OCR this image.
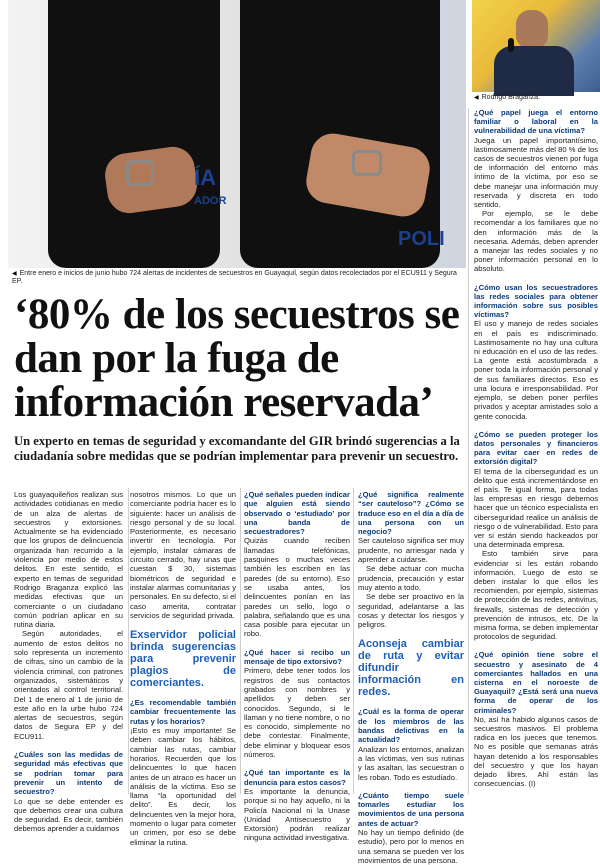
ÍA
ADOR
POLI
◀ Entre enero e inicios de junio hubo 724 alertas de incidentes de secuestros en Guayaquil, según datos recolectados por el ECU911 y Segura EP.
◀ Rodrigo Braganza.

¿Qué papel juega el entorno familiar o laboral en la vulnerabilidad de una víctima?

Juega un papel importantísimo, lastimosamente más del 80 % de los casos de secuestros vienen por fuga de información del entorno más íntimo de la víctima, por eso se debe manejar una información muy reservada y discreta en todo sentido.

Por ejemplo, se le debe recomendar a los familiares que no den información más de la necesaria. Además, deben aprender a manejar las redes sociales y no poner información personal en lo absoluto.

¿Cómo usan los secuestradores las redes sociales para obtener información sobre sus posibles víctimas?

El uso y manejo de redes sociales en el país es indiscriminado. Lastimosamente no hay una cultura ni educación en el uso de las redes. La gente está acostumbrada a poner toda la información personal y de sus familiares directos. Eso es una locura e irresponsabilidad. Por ejemplo, se deben poner perfiles privados y aceptar amistades solo a gente conocida.

¿Cómo se pueden proteger los datos personales y financieros para evitar caer en redes de extorsión digital?

El tema de la ciberseguridad es un delito que está incrementándose en el país. Te igual forma, para todas las empresas en riesgo debemos hacer que un técnico especialista en ciberseguridad realice un análisis de riesgo o de vulnerabilidad. Esto para ver si están siendo hackeados por una determinada empresa.

Esto también sirve para evidenciar si les están robando información. Luego de esto se deben instalar lo que ellos les recomienden, por ejemplo, sistemas de protección de las redes, antivirus, firewalls, sistemas de detección y prevención de intrusos, etc. De la misma forma, se deben implementar protocolos de seguridad.

¿Qué opinión tiene sobre el secuestro y asesinato de 4 comerciantes hallados en una cisterna en el noroeste de Guayaquil? ¿Está será una nueva forma de operar de los criminales?

No, así ha habido algunos casos de secuestros masivos. El problema radica en los jueces que tenemos. No es posible que semanas atrás hayan detenido a los responsables del secuestro y que los hayan dejado libres. Ahí están las consecuencias. (I)

‘80% de los secuestros se dan por la fuga de información reservada’
Un experto en temas de seguridad y excomandante del GIR brindó sugerencias a la ciudadanía sobre medidas que se podrían implementar para prevenir un secuestro.

Los guayaquileños realizan sus actividades cotidianas en medio de un alza de alertas de secuestros y extorsiones. Actualmente se ha evidenciado que los grupos de delincuencia organizada han recurrido a la violencia por medio de estos delitos. En este sentido, el experto en temas de seguridad Rodrigo Braganza explicó las medidas efectivas que un comerciante o un ciudadano común podrían aplicar en su rutina diaria.

Según autoridades, el aumento de estos delitos no solo representa un incremento de cifras, sino un cambio de la violencia criminal, con patrones organizados, sistemáticos y orientados al control territorial. Del 1 de enero al 1 de junio de este año en la urbe hubo 724 alertas de secuestros, según datos de Segura EP y del ECU911.

¿Cuáles son las medidas de seguridad más efectivas que se podrían tomar para prevenir un intento de secuestro?

Lo que se debe entender es que debemos crear una cultura de seguridad. Es decir, también debemos aprender a cuidarnos

nosotros mismos. Lo que un comerciante podría hacer es lo siguiente: hacer un análisis de riesgo personal y de su local. Posteriormente, es necesario invertir en tecnología. Por ejemplo, instalar cámaras de circuito cerrado, hay unas que cuestan $ 30, sistemas biométricos de seguridad e instalar alarmas comunitarias y personales. En su defecto, si el caso amerita, contratar servicios de seguridad privada.

Exservidor policial brinda sugerencias para prevenir plagios de comerciantes.

¿Es recomendable también cambiar frecuentemente las rutas y los horarios?

¡Esto es muy importante! Se deben cambiar los hábitos, cambiar las rutas, cambiar horarios. Recuerden que los delincuentes lo que hacen antes de un atraco es hacer un análisis de la víctima. Eso se llama “la oportunidad del delito”. Es decir, los delincuentes ven la mejor hora, momento o lugar para cometer un crimen, por eso se debe eliminar la rutina.

¿Qué señales pueden indicar que alguien está siendo observado o ‘estudiado’ por una banda de secuestradores?

Quizás cuando reciben llamadas telefónicas, pasquines o muchas veces también les escriben en las paredes (de su entorno). Eso se usaba antes, los delincuentes ponían en las paredes un sello, logo o palabra, señalando que es una casa posible para ejecutar un robo.

¿Qué hacer si recibo un mensaje de tipo extorsivo?

Primero, debe tener todos los registros de sus contactos grabados con nombres y apellidos y deben ser conocidos. Segundo, si le llaman y no tiene nombre, o no es conocido, simplemente no debe contestar. Finalmente, debe eliminar y bloquear esos números.

¿Qué tan importante es la denuncia para estos casos?

Es importante la denuncia, porque si no hay aquello, ni la Policía Nacional ni la Unase (Unidad Antisecuestro y Extorsión) podrán realizar ninguna actividad investigativa.

¿Qué significa realmente “ser cauteloso”? ¿Cómo se traduce eso en el día a día de una persona con un negocio?

Ser cauteloso significa ser muy prudente, no arriesgar nada y aprender a cuidarse.

Se debe actuar con mucha prudencia, precaución y estar muy atento a todo.

Se debe ser proactivo en la seguridad, adelantarse a las cosas y detectar los riesgos y peligros.

Aconseja cambiar de ruta y evitar difundir información en redes.

¿Cuál es la forma de operar de los miembros de las bandas delictivas en la actualidad?

Analizan los entornos, analizan a las víctimas, ven sus rutinas y las asaltan, las secuestran o les roban. Todo es estudiado.

¿Cuánto tiempo suele tomarles estudiar los movimientos de una persona antes de actuar?

No hay un tiempo definido (de estudio), pero por lo menos en una semana se pueden ver los movimientos de una persona.
